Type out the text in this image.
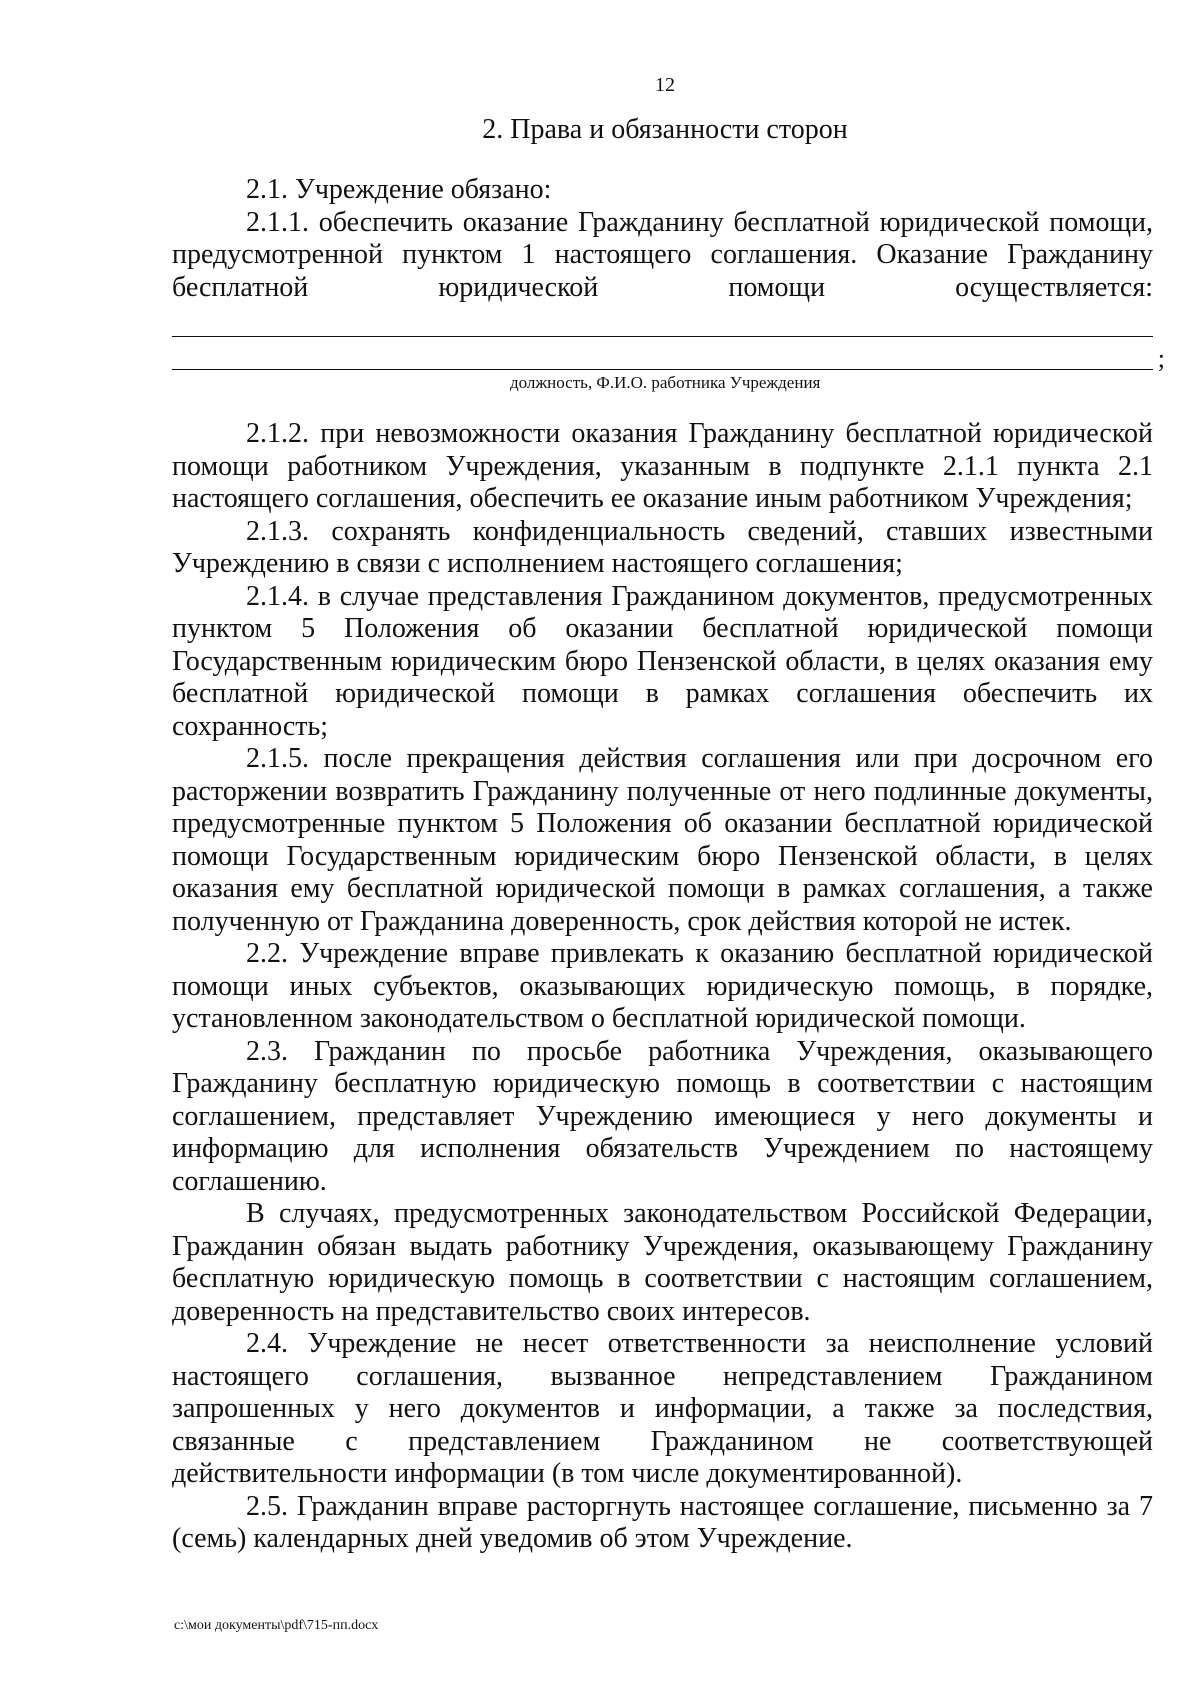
12
2. Права и обязанности сторон

2.1. Учреждение обязано:

2.1.1. обеспечить оказание Гражданину бесплатной юридической помощи, предусмотренной пунктом 1 настоящего соглашения. Оказание Гражданину бесплатной юридической помощи осуществляется:

;
должность, Ф.И.О. работника Учреждения

2.1.2. при невозможности оказания Гражданину бесплатной юридической помощи работником Учреждения, указанным в подпункте 2.1.1 пункта 2.1 настоящего соглашения, обеспечить ее оказание иным работником Учреждения;

2.1.3. сохранять конфиденциальность сведений, ставших известными Учреждению в связи с исполнением настоящего соглашения;

2.1.4. в случае представления Гражданином документов, предусмотренных пунктом 5 Положения об оказании бесплатной юридической помощи Государственным юридическим бюро Пензенской области, в целях оказания ему бесплатной юридической помощи в рамках соглашения обеспечить их сохранность;

2.1.5. после прекращения действия соглашения или при досрочном его расторжении возвратить Гражданину полученные от него подлинные документы, предусмотренные пунктом 5 Положения об оказании бесплатной юридической помощи Государственным юридическим бюро Пензенской области, в целях оказания ему бесплатной юридической помощи в рамках соглашения, а также полученную от Гражданина доверенность, срок действия которой не истек.

2.2. Учреждение вправе привлекать к оказанию бесплатной юридической помощи иных субъектов, оказывающих юридическую помощь, в порядке, установленном законодательством о бесплатной юридической помощи.

2.3. Гражданин по просьбе работника Учреждения, оказывающего Гражданину бесплатную юридическую помощь в соответствии с настоящим соглашением, представляет Учреждению имеющиеся у него документы и информацию для исполнения обязательств Учреждением по настоящему соглашению.

В случаях, предусмотренных законодательством Российской Федерации, Гражданин обязан выдать работнику Учреждения, оказывающему Гражданину бесплатную юридическую помощь в соответствии с настоящим соглашением, доверенность на представительство своих интересов.

2.4. Учреждение не несет ответственности за неисполнение условий настоящего соглашения, вызванное непредставлением Гражданином запрошенных у него документов и информации, а также за последствия, связанные с представлением Гражданином не соответствующей действительности информации (в том числе документированной).

2.5. Гражданин вправе расторгнуть настоящее соглашение, письменно за 7 (семь) календарных дней уведомив об этом Учреждение.

c:\мои документы\pdf\715-пп.docx
